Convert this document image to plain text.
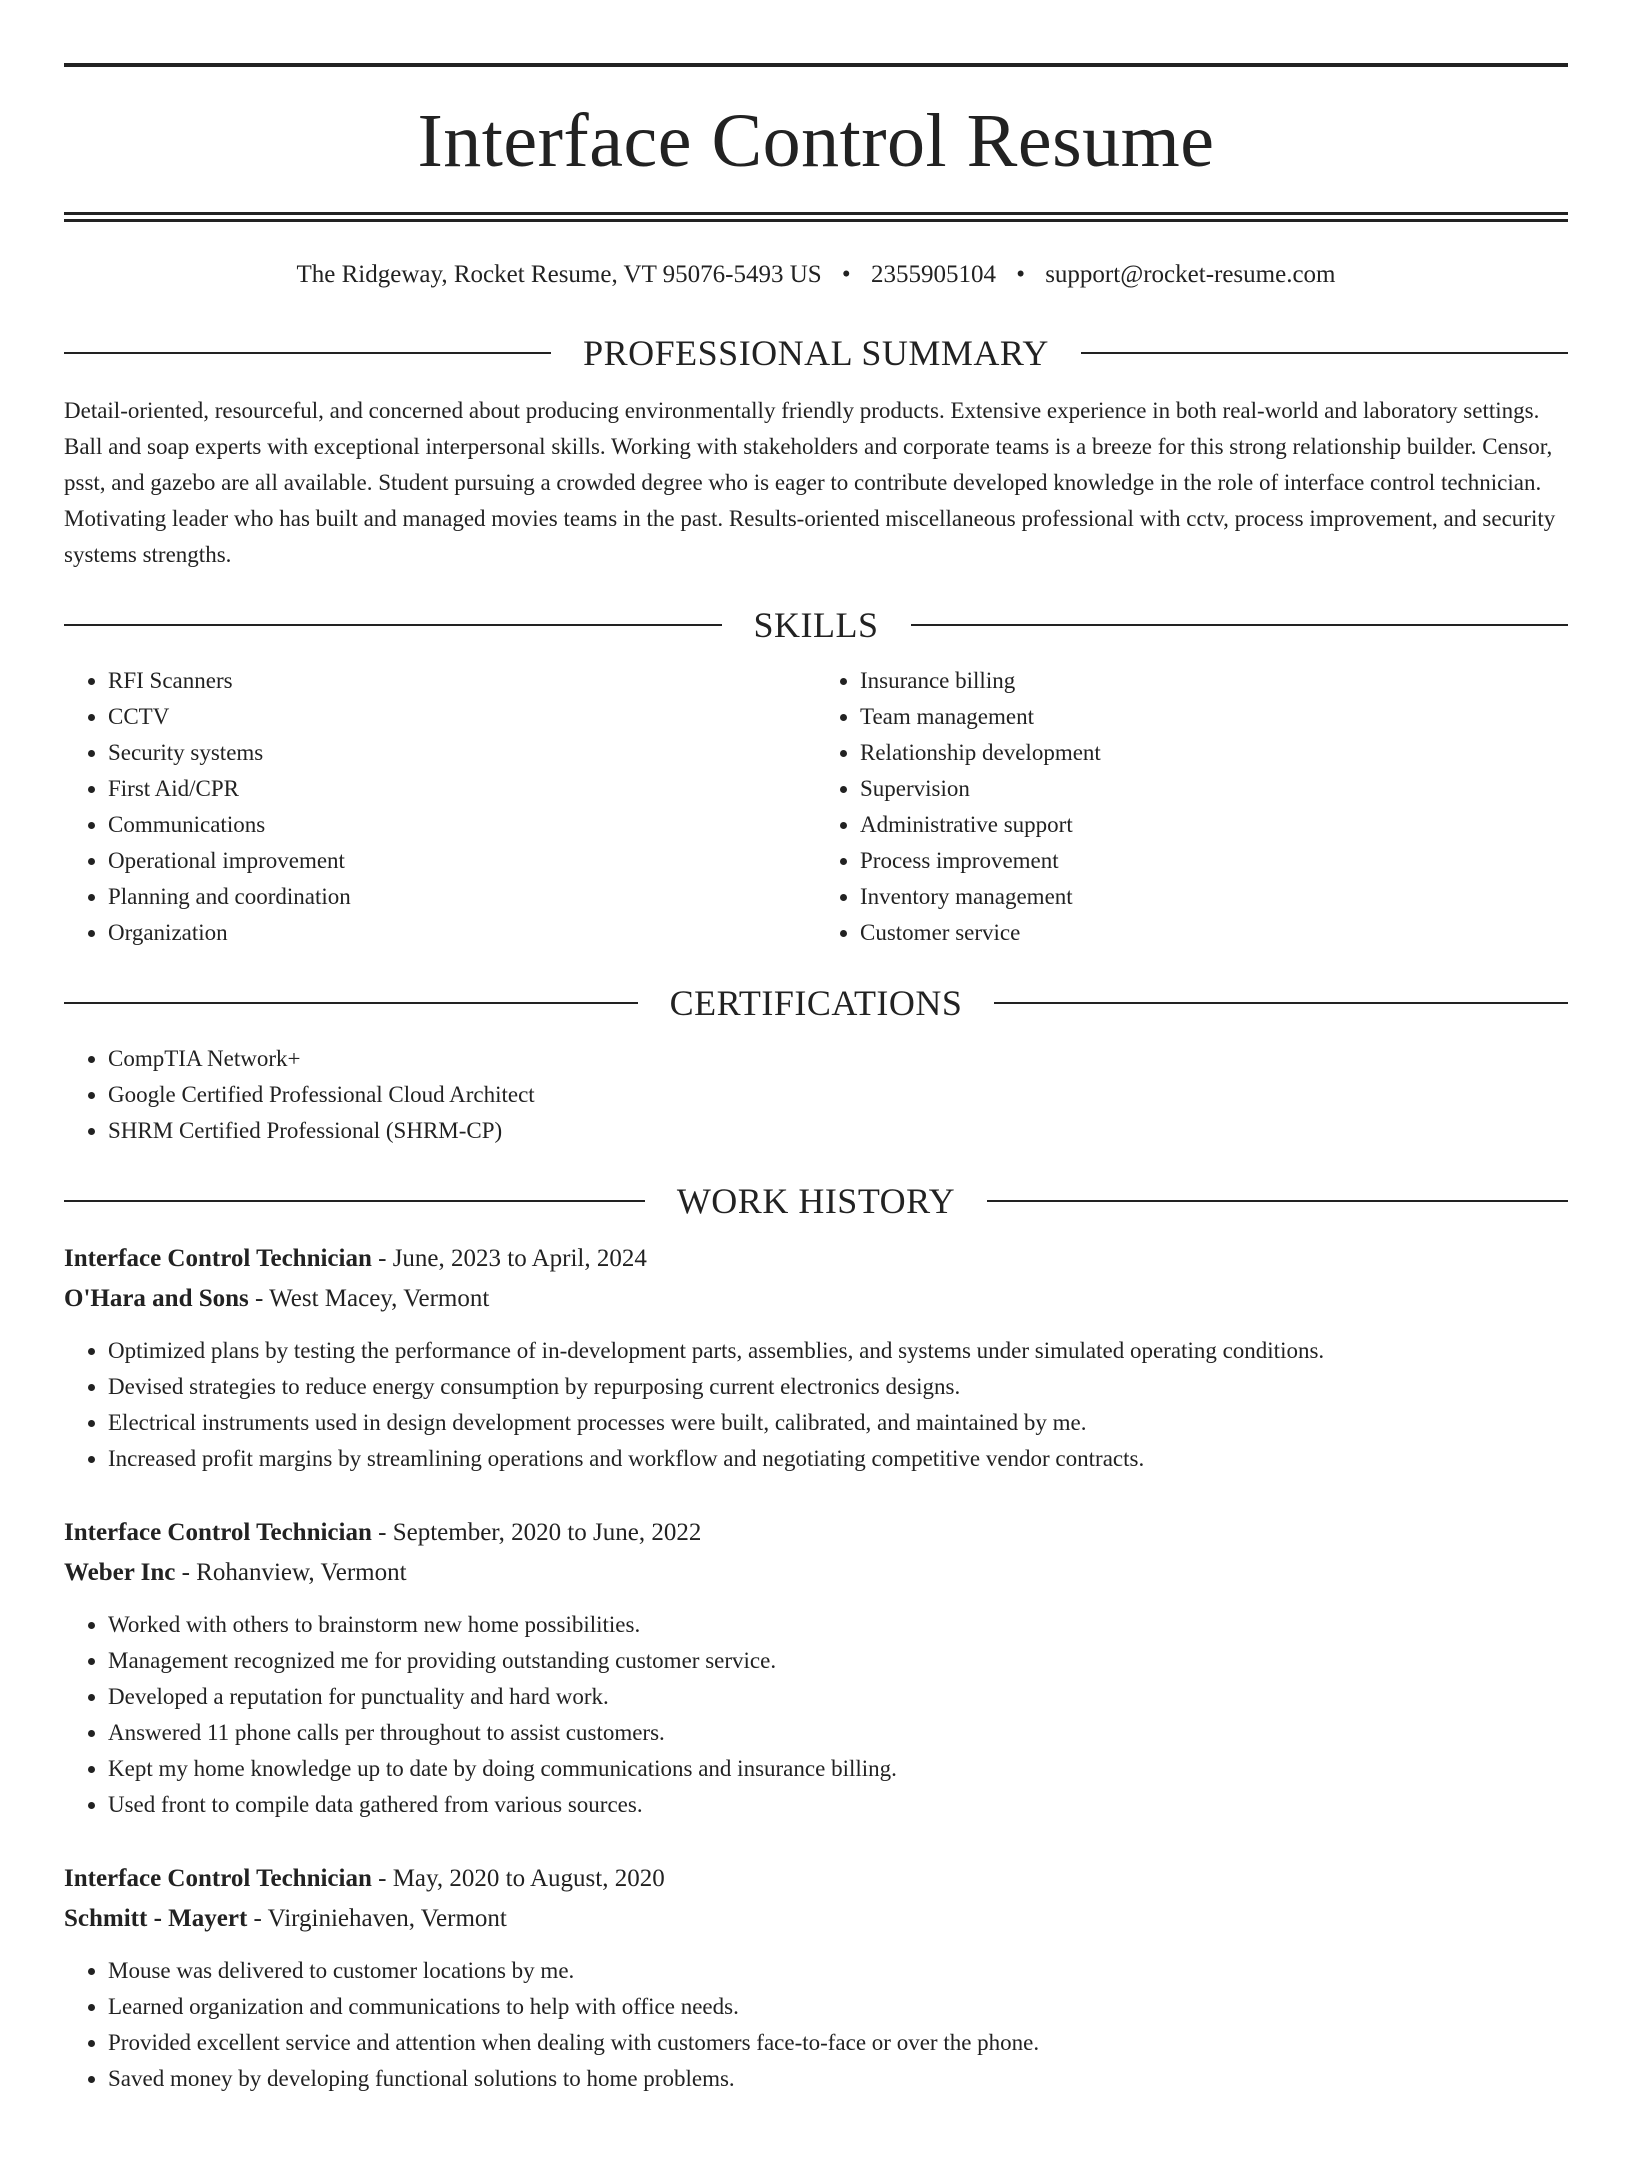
Interface Control Resume
The Ridgeway, Rocket Resume, VT 95076-5493 US • 2355905104 • support@rocket-resume.com
PROFESSIONAL SUMMARY

Detail-oriented, resourceful, and concerned about producing environmentally friendly products. Extensive experience in both real-world and laboratory settings. Ball and soap experts with exceptional interpersonal skills. Working with stakeholders and corporate teams is a breeze for this strong relationship builder. Censor, psst, and gazebo are all available. Student pursuing a crowded degree who is eager to contribute developed knowledge in the role of interface control technician. Motivating leader who has built and managed movies teams in the past. Results-oriented miscellaneous professional with cctv, process improvement, and security systems strengths.

SKILLS
• RFI Scanners
• CCTV
• Security systems
• First Aid/CPR
• Communications
• Operational improvement
• Planning and coordination
• Organization
• Insurance billing
• Team management
• Relationship development
• Supervision
• Administrative support
• Process improvement
• Inventory management
• Customer service
CERTIFICATIONS
• CompTIA Network+
• Google Certified Professional Cloud Architect
• SHRM Certified Professional (SHRM-CP)
WORK HISTORY
Interface Control Technician - June, 2023 to April, 2024
O'Hara and Sons - West Macey, Vermont
• Optimized plans by testing the performance of in-development parts, assemblies, and systems under simulated operating conditions.
• Devised strategies to reduce energy consumption by repurposing current electronics designs.
• Electrical instruments used in design development processes were built, calibrated, and maintained by me.
• Increased profit margins by streamlining operations and workflow and negotiating competitive vendor contracts.
Interface Control Technician - September, 2020 to June, 2022
Weber Inc - Rohanview, Vermont
• Worked with others to brainstorm new home possibilities.
• Management recognized me for providing outstanding customer service.
• Developed a reputation for punctuality and hard work.
• Answered 11 phone calls per throughout to assist customers.
• Kept my home knowledge up to date by doing communications and insurance billing.
• Used front to compile data gathered from various sources.
Interface Control Technician - May, 2020 to August, 2020
Schmitt - Mayert - Virginiehaven, Vermont
• Mouse was delivered to customer locations by me.
• Learned organization and communications to help with office needs.
• Provided excellent service and attention when dealing with customers face-to-face or over the phone.
• Saved money by developing functional solutions to home problems.
